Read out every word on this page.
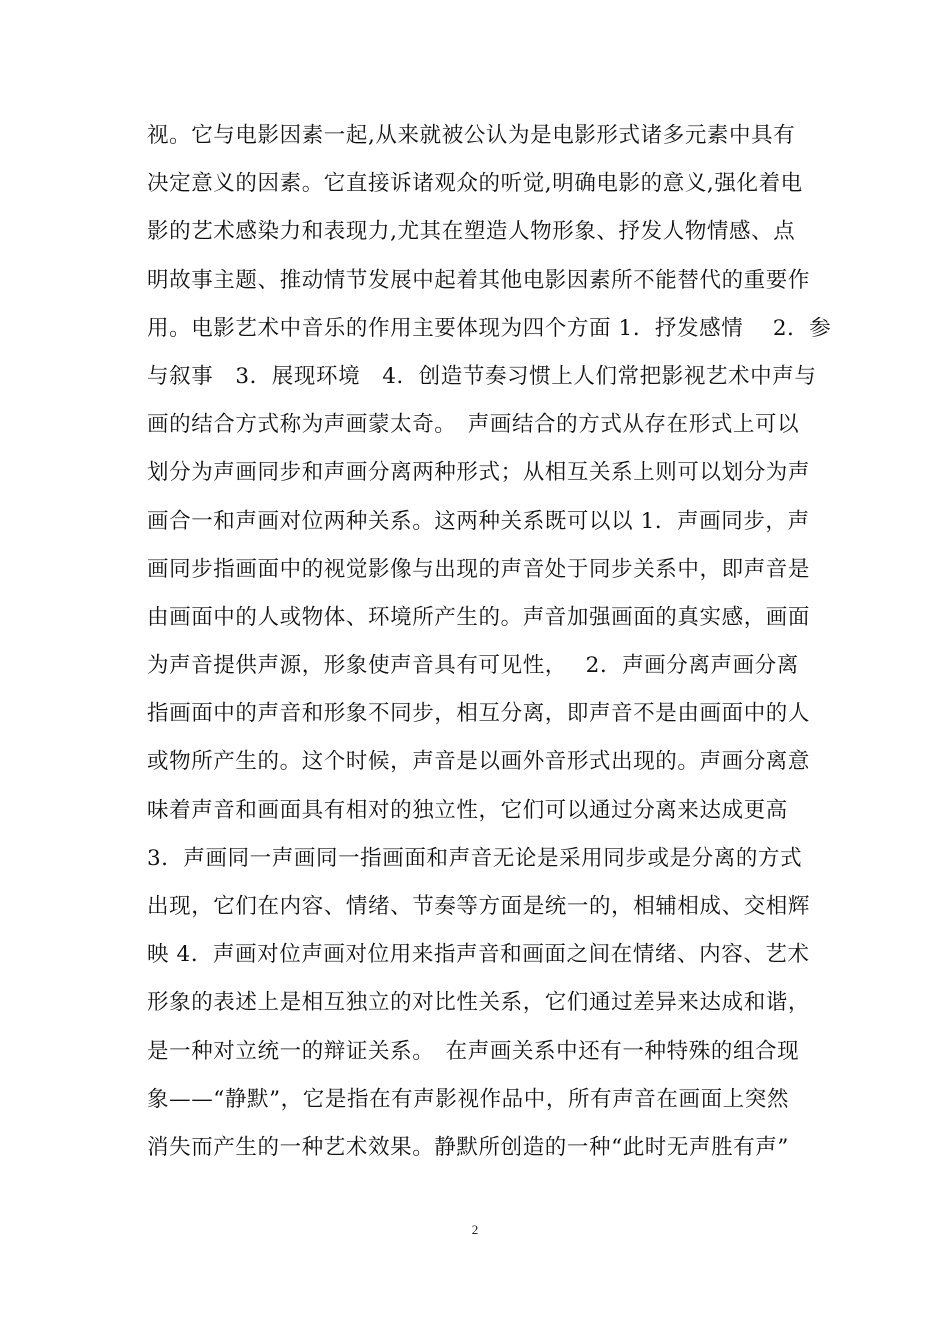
视。它与电影因素一起,从来就被公认为是电影形式诸多元素中具有
决定意义的因素。它直接诉诸观众的听觉,明确电影的意义,强化着电
影的艺术感染力和表现力,尤其在塑造人物形象、抒发人物情感、点
明故事主题、推动情节发展中起着其他电影因素所不能替代的重要作
用。电影艺术中音乐的作用主要体现为四个方面 1．抒发感情　 2．参
与叙事　3．展现环境　4．创造节奏习惯上人们常把影视艺术中声与
画的结合方式称为声画蒙太奇。　声画结合的方式从存在形式上可以
划分为声画同步和声画分离两种形式；从相互关系上则可以划分为声
画合一和声画对位两种关系。这两种关系既可以以 1．声画同步，声
画同步指画面中的视觉影像与出现的声音处于同步关系中，即声音是
由画面中的人或物体、环境所产生的。声音加强画面的真实感，画面
为声音提供声源，形象使声音具有可见性，　 2．声画分离声画分离
指画面中的声音和形象不同步，相互分离，即声音不是由画面中的人
或物所产生的。这个时候，声音是以画外音形式出现的。声画分离意
味着声音和画面具有相对的独立性，它们可以通过分离来达成更高
3．声画同一声画同一指画面和声音无论是采用同步或是分离的方式
出现，它们在内容、情绪、节奏等方面是统一的，相辅相成、交相辉
映 4．声画对位声画对位用来指声音和画面之间在情绪、内容、艺术
形象的表述上是相互独立的对比性关系，它们通过差异来达成和谐，
是一种对立统一的辩证关系。　在声画关系中还有一种特殊的组合现
象——“静默”，它是指在有声影视作品中，所有声音在画面上突然
消失而产生的一种艺术效果。静默所创造的一种“此时无声胜有声”
2
